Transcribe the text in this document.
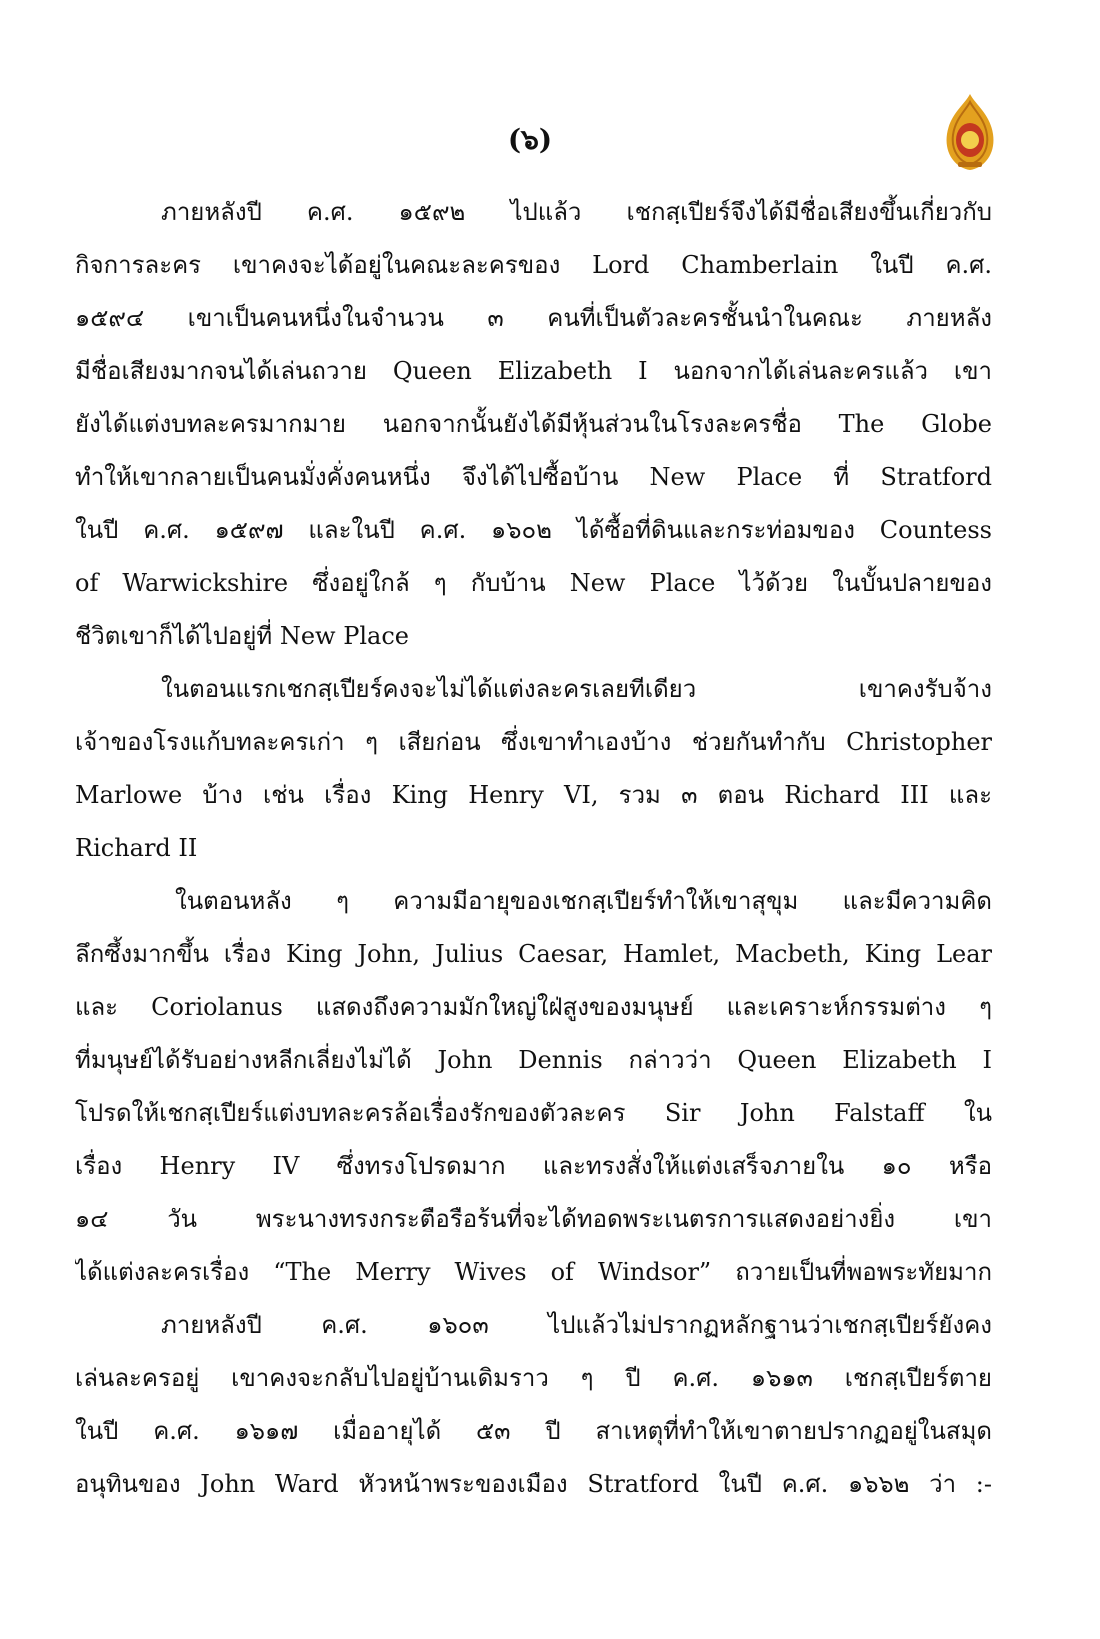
(๖)
ภายหลังปี ค.ศ. ๑๕๙๒ ไปแล้ว เชกสฺเปียร์จึงได้มีชื่อเสียงขึ้นเกี่ยวกับ
กิจการละคร เขาคงจะได้อยู่ในคณะละครของ Lord Chamberlain ในปี ค.ศ.
๑๕๙๔ เขาเป็นคนหนึ่งในจำนวน ๓ คนที่เป็นตัวละครชั้นนำในคณะ ภายหลัง
มีชื่อเสียงมากจนได้เล่นถวาย Queen Elizabeth I นอกจากได้เล่นละครแล้ว เขา
ยังได้แต่งบทละครมากมาย นอกจากนั้นยังได้มีหุ้นส่วนในโรงละครชื่อ The Globe
ทำให้เขากลายเป็นคนมั่งคั่งคนหนึ่ง จึงได้ไปซื้อบ้าน New Place ที่ Stratford
ในปี ค.ศ. ๑๕๙๗ และในปี ค.ศ. ๑๖๐๒ ได้ซื้อที่ดินและกระท่อมของ Countess
of Warwickshire ซึ่งอยู่ใกล้ ๆ กับบ้าน New Place ไว้ด้วย ในบั้นปลายของ
ชีวิตเขาก็ได้ไปอยู่ที่ New Place
ในตอนแรกเชกสฺเปียร์คงจะไม่ได้แต่งละครเลยทีเดียว เขาคงรับจ้าง
เจ้าของโรงแก้บทละครเก่า ๆ เสียก่อน ซึ่งเขาทำเองบ้าง ช่วยกันทำกับ Christopher
Marlowe บ้าง เช่น เรื่อง King Henry VI, รวม ๓ ตอน Richard III และ
Richard II
ในตอนหลัง ๆ ความมีอายุของเชกสฺเปียร์ทำให้เขาสุขุม และมีความคิด
ลึกซึ้งมากขึ้น เรื่อง King John, Julius Caesar, Hamlet, Macbeth, King Lear
และ Coriolanus แสดงถึงความมักใหญ่ใฝ่สูงของมนุษย์ และเคราะห์กรรมต่าง ๆ
ที่มนุษย์ได้รับอย่างหลีกเลี่ยงไม่ได้ John Dennis กล่าวว่า Queen Elizabeth I
โปรดให้เชกสฺเปียร์แต่งบทละครล้อเรื่องรักของตัวละคร Sir John Falstaff ใน
เรื่อง Henry IV ซึ่งทรงโปรดมาก และทรงสั่งให้แต่งเสร็จภายใน ๑๐ หรือ
๑๔ วัน พระนางทรงกระตือรือร้นที่จะได้ทอดพระเนตรการแสดงอย่างยิ่ง เขา
ได้แต่งละครเรื่อง “The Merry Wives of Windsor” ถวายเป็นที่พอพระทัยมาก
ภายหลังปี ค.ศ. ๑๖๐๓ ไปแล้วไม่ปรากฏหลักฐานว่าเชกสฺเปียร์ยังคง
เล่นละครอยู่ เขาคงจะกลับไปอยู่บ้านเดิมราว ๆ ปี ค.ศ. ๑๖๑๓ เชกสฺเปียร์ตาย
ในปี ค.ศ. ๑๖๑๗ เมื่ออายุได้ ๕๓ ปี สาเหตุที่ทำให้เขาตายปรากฏอยู่ในสมุด
อนุทินของ John Ward หัวหน้าพระของเมือง Stratford ในปี ค.ศ. ๑๖๖๒ ว่า :-
